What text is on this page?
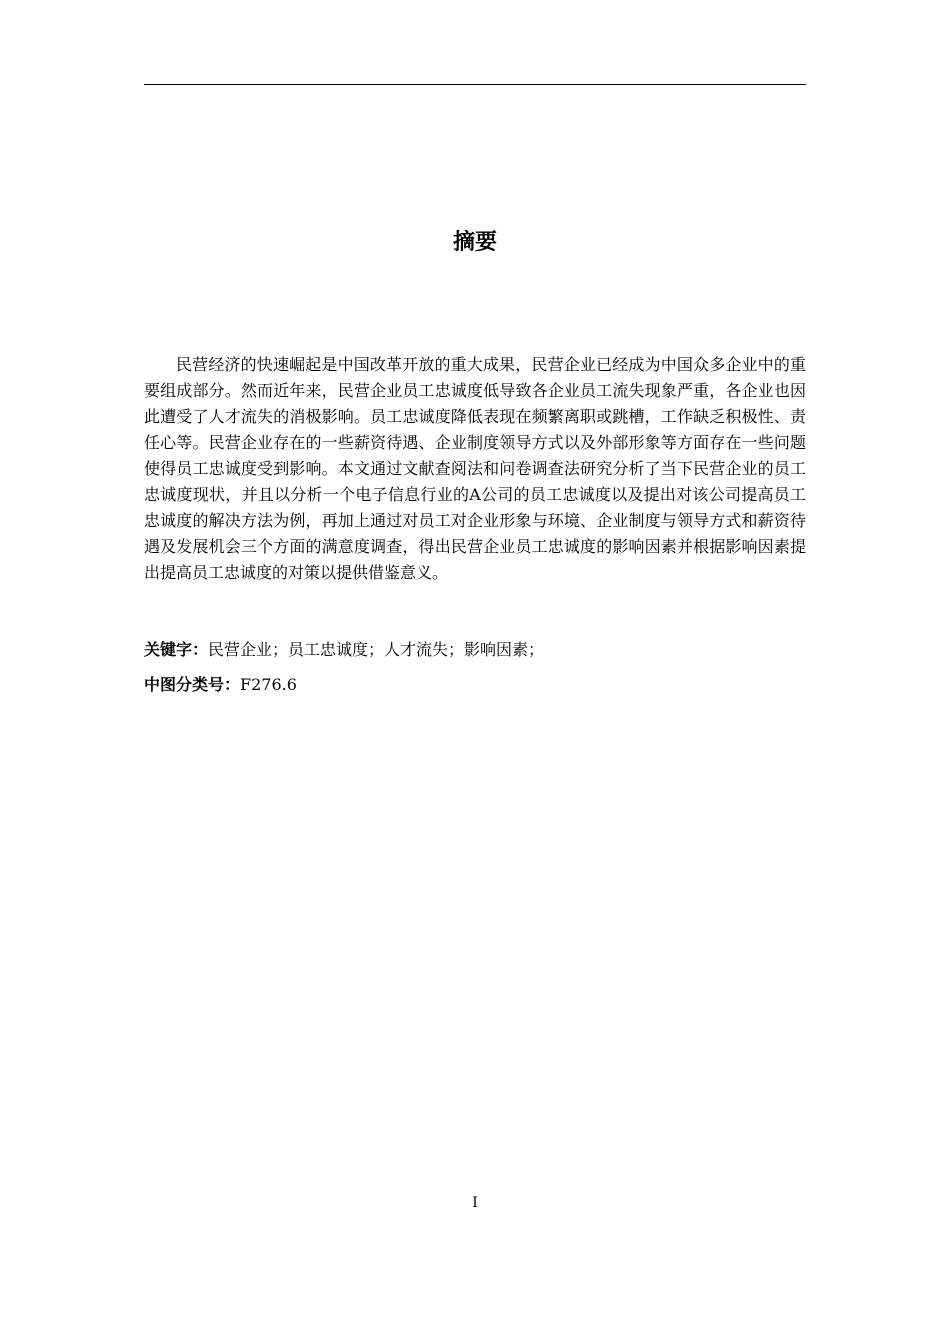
摘要

民营经济的快速崛起是中国改革开放的重大成果，民营企业已经成为中国众多企业中的重要组成部分。然而近年来，民营企业员工忠诚度低导致各企业员工流失现象严重，各企业也因此遭受了人才流失的消极影响。员工忠诚度降低表现在频繁离职或跳槽，工作缺乏积极性、责任心等。民营企业存在的一些薪资待遇、企业制度领导方式以及外部形象等方面存在一些问题使得员工忠诚度受到影响。本文通过文献查阅法和问卷调查法研究分析了当下民营企业的员工忠诚度现状，并且以分析一个电子信息行业的A公司的员工忠诚度以及提出对该公司提高员工忠诚度的解决方法为例，再加上通过对员工对企业形象与环境、企业制度与领导方式和薪资待遇及发展机会三个方面的满意度调查，得出民营企业员工忠诚度的影响因素并根据影响因素提出提高员工忠诚度的对策以提供借鉴意义。

关键字：民营企业；员工忠诚度；人才流失；影响因素；

中图分类号：F276.6

I
